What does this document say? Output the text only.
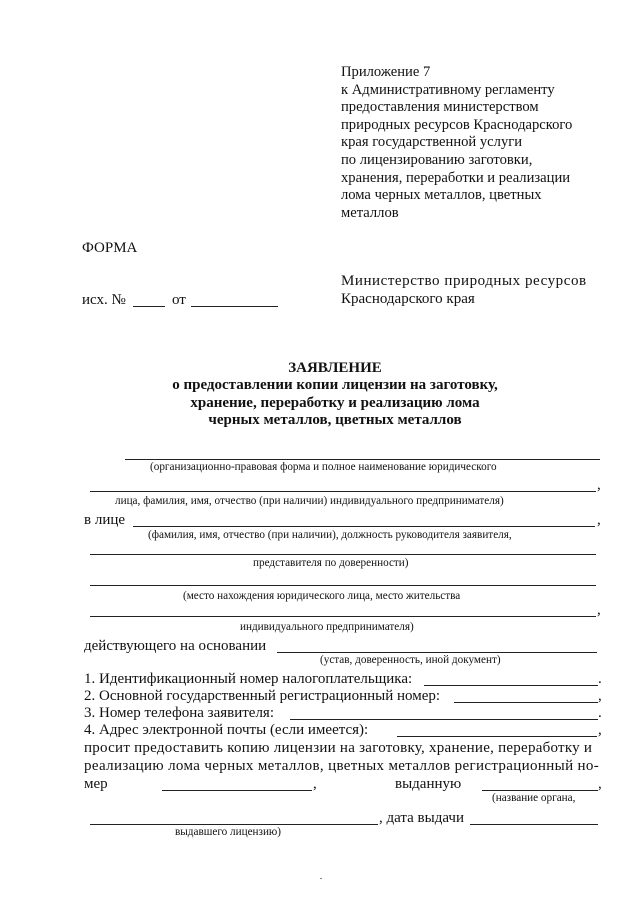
Приложение 7
к Административному регламенту
предоставления министерством
природных ресурсов Краснодарского
края государственной услуги
по лицензированию заготовки,
хранения, переработки и реализации
лома черных металлов, цветных
металлов
ФОРМА
Министерство природных ресурсов
Краснодарского края
исх. №	от
ЗАЯВЛЕНИЕ
о предоставлении копии лицензии на заготовку,
хранение, переработку и реализацию лома
черных металлов, цветных металлов
(организационно-правовая форма и полное наименование юридического
,
лица, фамилия, имя, отчество (при наличии) индивидуального предпринимателя)
в лице	,
(фамилия, имя, отчество (при наличии), должность руководителя заявителя,
представителя по доверенности)
(место нахождения юридического лица, место жительства
,
индивидуального предпринимателя)
действующего на основании
(устав, доверенность, иной документ)
1. Идентификационный номер налогоплательщика:	.
2. Основной государственный регистрационный номер:	,
3. Номер телефона заявителя:	.
4. Адрес электронной почты (если имеется):	,
просит предоставить копию лицензии на заготовку, хранение, переработку и
реализацию лома черных металлов, цветных металлов регистрационный но-
мер	,	выданную	,
(название органа,
, дата выдачи
выдавшего лицензию)
